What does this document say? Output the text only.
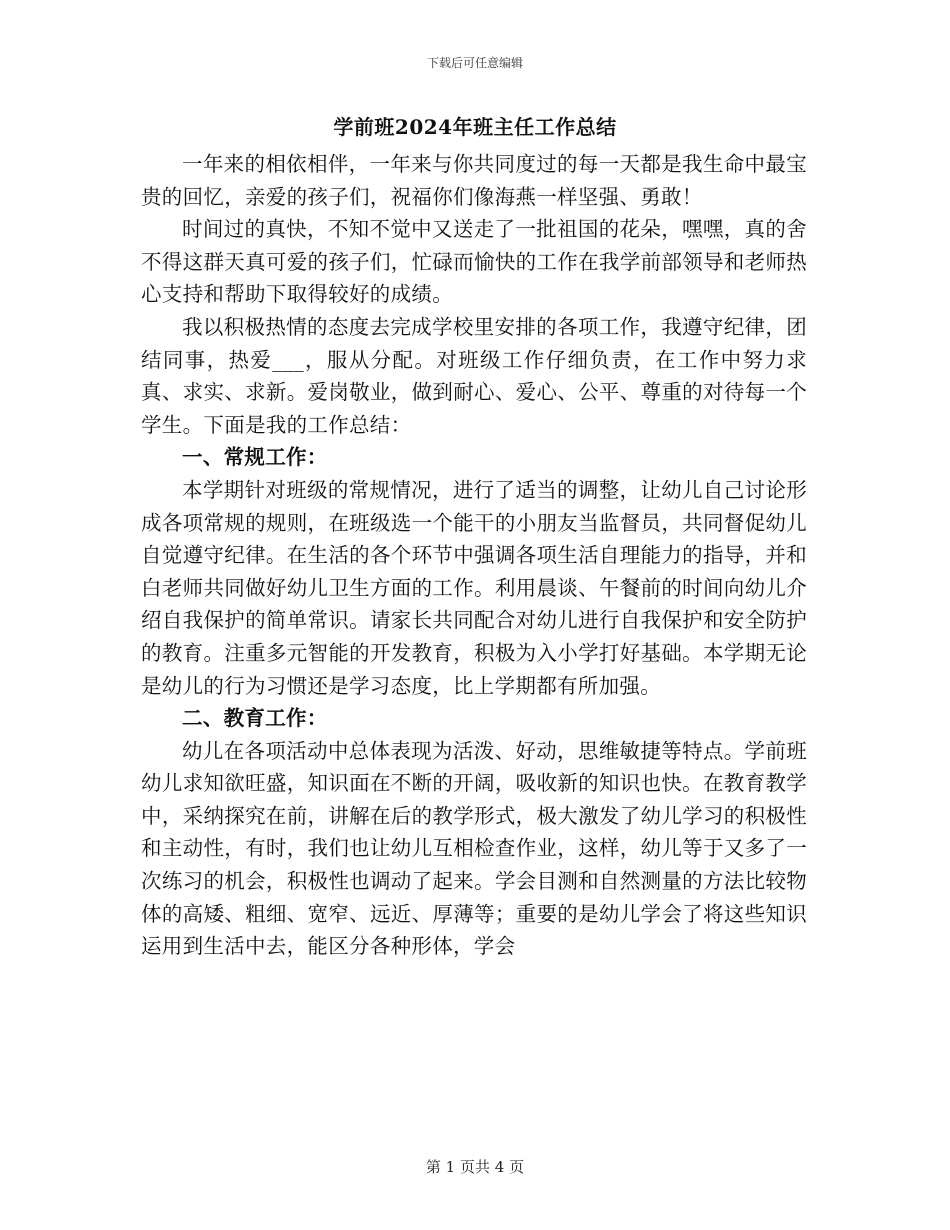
下载后可任意编辑
学前班2024年班主任工作总结

一年来的相依相伴，一年来与你共同度过的每一天都是我生命中最宝贵的回忆，亲爱的孩子们，祝福你们像海燕一样坚强、勇敢！

时间过的真快，不知不觉中又送走了一批祖国的花朵，嘿嘿，真的舍不得这群天真可爱的孩子们，忙碌而愉快的工作在我学前部领导和老师热心支持和帮助下取得较好的成绩。

我以积极热情的态度去完成学校里安排的各项工作，我遵守纪律，团结同事，热爱___，服从分配。对班级工作仔细负责，在工作中努力求真、求实、求新。爱岗敬业，做到耐心、爱心、公平、尊重的对待每一个学生。下面是我的工作总结：

一、常规工作：

本学期针对班级的常规情况，进行了适当的调整，让幼儿自己讨论形成各项常规的规则，在班级选一个能干的小朋友当监督员，共同督促幼儿自觉遵守纪律。在生活的各个环节中强调各项生活自理能力的指导，并和白老师共同做好幼儿卫生方面的工作。利用晨谈、午餐前的时间向幼儿介绍自我保护的简单常识。请家长共同配合对幼儿进行自我保护和安全防护的教育。注重多元智能的开发教育，积极为入小学打好基础。本学期无论是幼儿的行为习惯还是学习态度，比上学期都有所加强。

二、教育工作：

幼儿在各项活动中总体表现为活泼、好动，思维敏捷等特点。学前班幼儿求知欲旺盛，知识面在不断的开阔，吸收新的知识也快。在教育教学中，采纳探究在前，讲解在后的教学形式，极大激发了幼儿学习的积极性和主动性，有时，我们也让幼儿互相检查作业，这样，幼儿等于又多了一次练习的机会，积极性也调动了起来。学会目测和自然测量的方法比较物体的高矮、粗细、宽窄、远近、厚薄等；重要的是幼儿学会了将这些知识运用到生活中去，能区分各种形体，学会

第 1 页共 4 页
